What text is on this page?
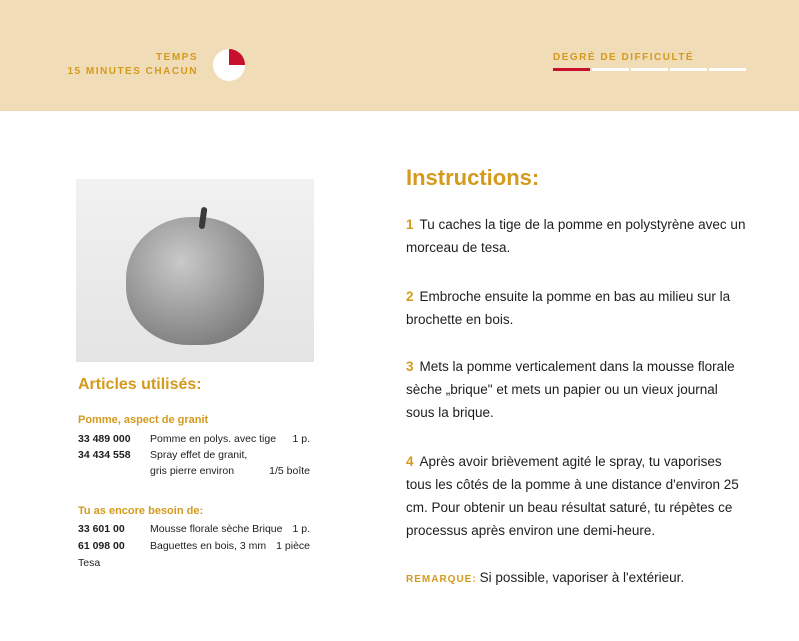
TEMPS
15 MINUTES CHACUN
DEGRÉ DE DIFFICULTÉ
Articles utilisés:
Pomme, aspect de granit
33 489 000	Pomme en polys. avec tige	1 p.
34 434 558	Spray effet de granit,
gris pierre environ	1/5 boîte
Tu as encore besoin de:
33 601 00	Mousse florale sèche Brique 1 p.
61 098 00	Baguettes en bois, 3 mm 1 pièce
Tesa
Instructions:
1 Tu caches la tige de la pomme en polystyrène avec un morceau de tesa.
2 Embroche ensuite la pomme en bas au milieu sur la brochette en bois.
3 Mets la pomme verticalement dans la mousse florale sèche „brique" et mets un papier ou un vieux journal sous la brique.
4 Après avoir brièvement agité le spray, tu vaporises tous les côtés de la pomme à une distance d'environ 25 cm. Pour obtenir un beau résultat saturé, tu répètes ce processus après environ une demi-heure.
REMARQUE: Si possible, vaporiser à l'extérieur.
